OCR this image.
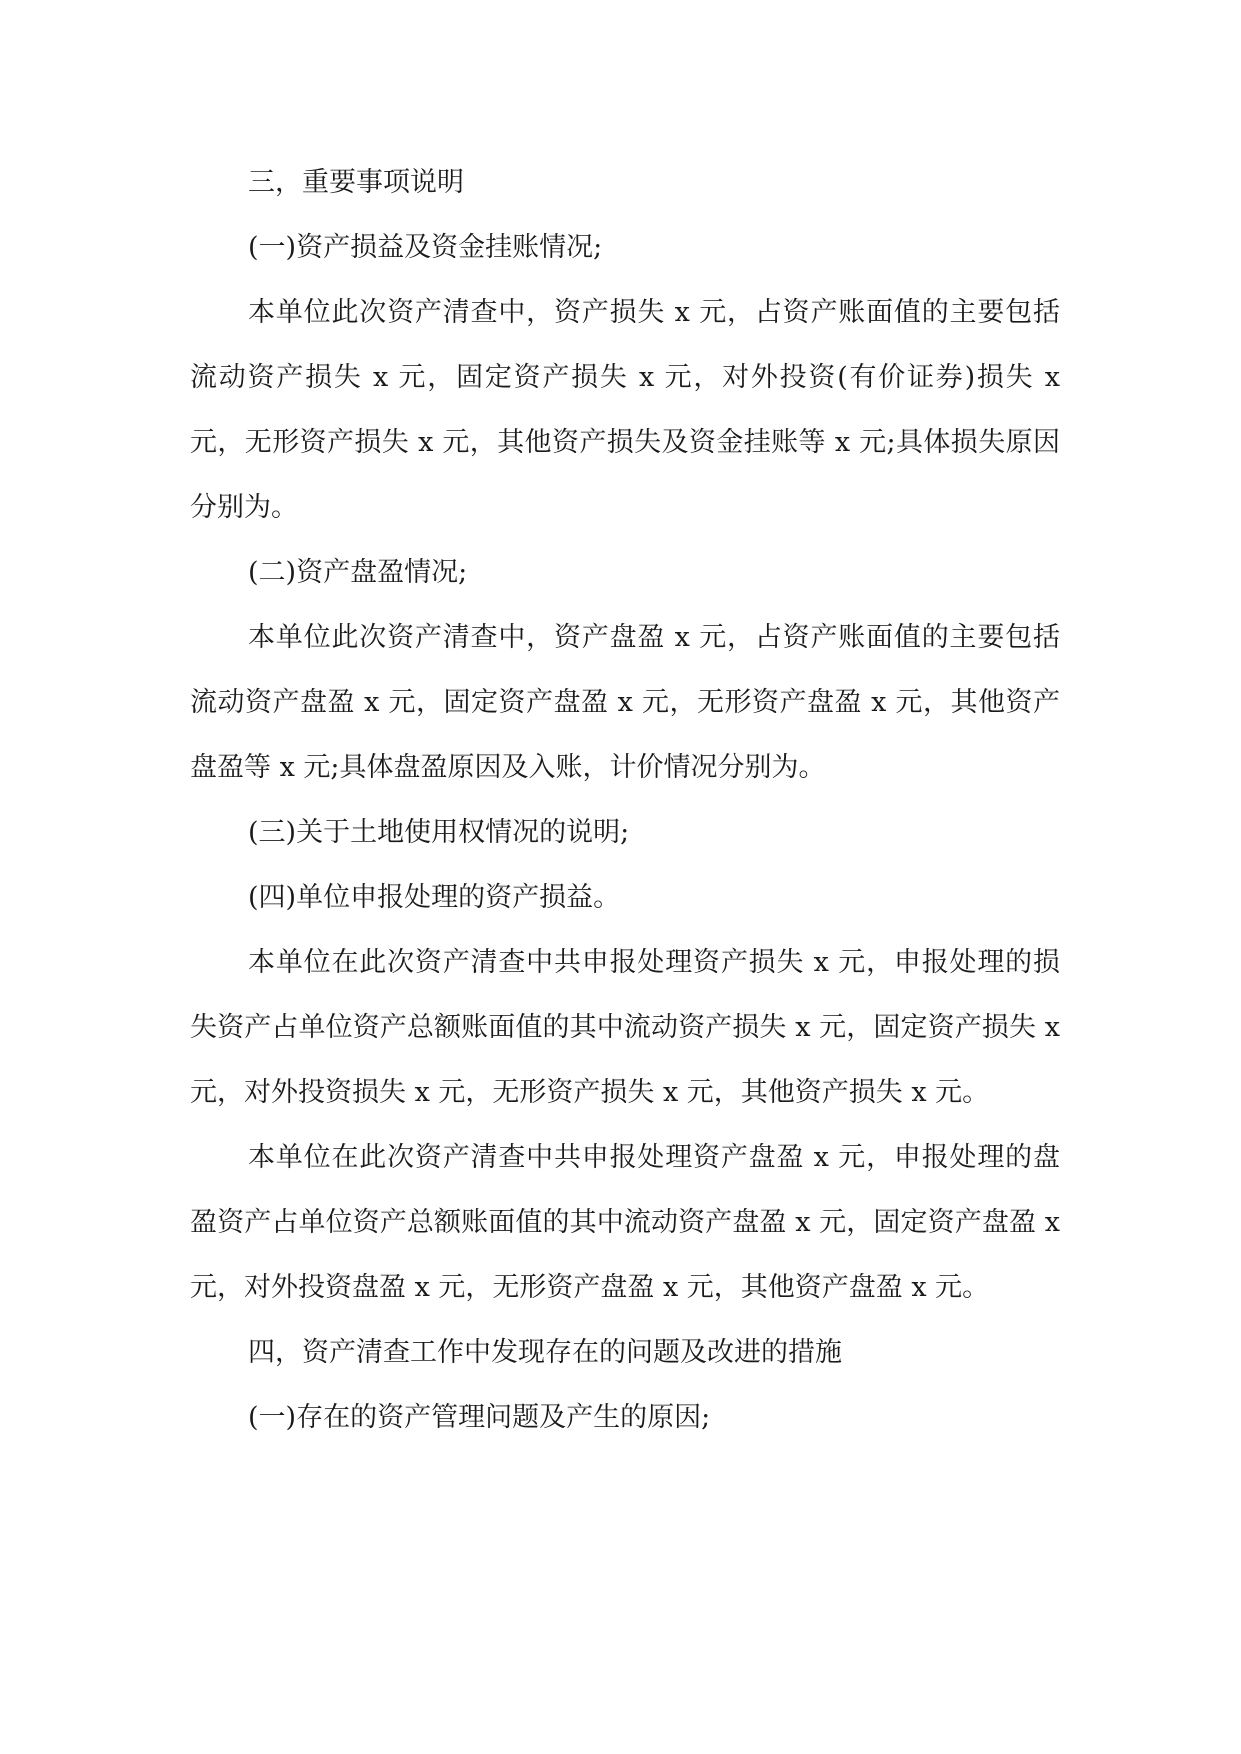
三，重要事项说明

(一)资产损益及资金挂账情况;

本单位此次资产清查中，资产损失 x 元，占资产账面值的主要包括流动资产损失 x 元，固定资产损失 x 元，对外投资(有价证券)损失 x 元，无形资产损失 x 元，其他资产损失及资金挂账等 x 元;具体损失原因分别为。

(二)资产盘盈情况;

本单位此次资产清查中，资产盘盈 x 元，占资产账面值的主要包括流动资产盘盈 x 元，固定资产盘盈 x 元，无形资产盘盈 x 元，其他资产盘盈等 x 元;具体盘盈原因及入账，计价情况分别为。

(三)关于土地使用权情况的说明;

(四)单位申报处理的资产损益。

本单位在此次资产清查中共申报处理资产损失 x 元，申报处理的损失资产占单位资产总额账面值的其中流动资产损失 x 元，固定资产损失 x 元，对外投资损失 x 元，无形资产损失 x 元，其他资产损失 x 元。

本单位在此次资产清查中共申报处理资产盘盈 x 元，申报处理的盘盈资产占单位资产总额账面值的其中流动资产盘盈 x 元，固定资产盘盈 x 元，对外投资盘盈 x 元，无形资产盘盈 x 元，其他资产盘盈 x 元。

四，资产清查工作中发现存在的问题及改进的措施

(一)存在的资产管理问题及产生的原因;
